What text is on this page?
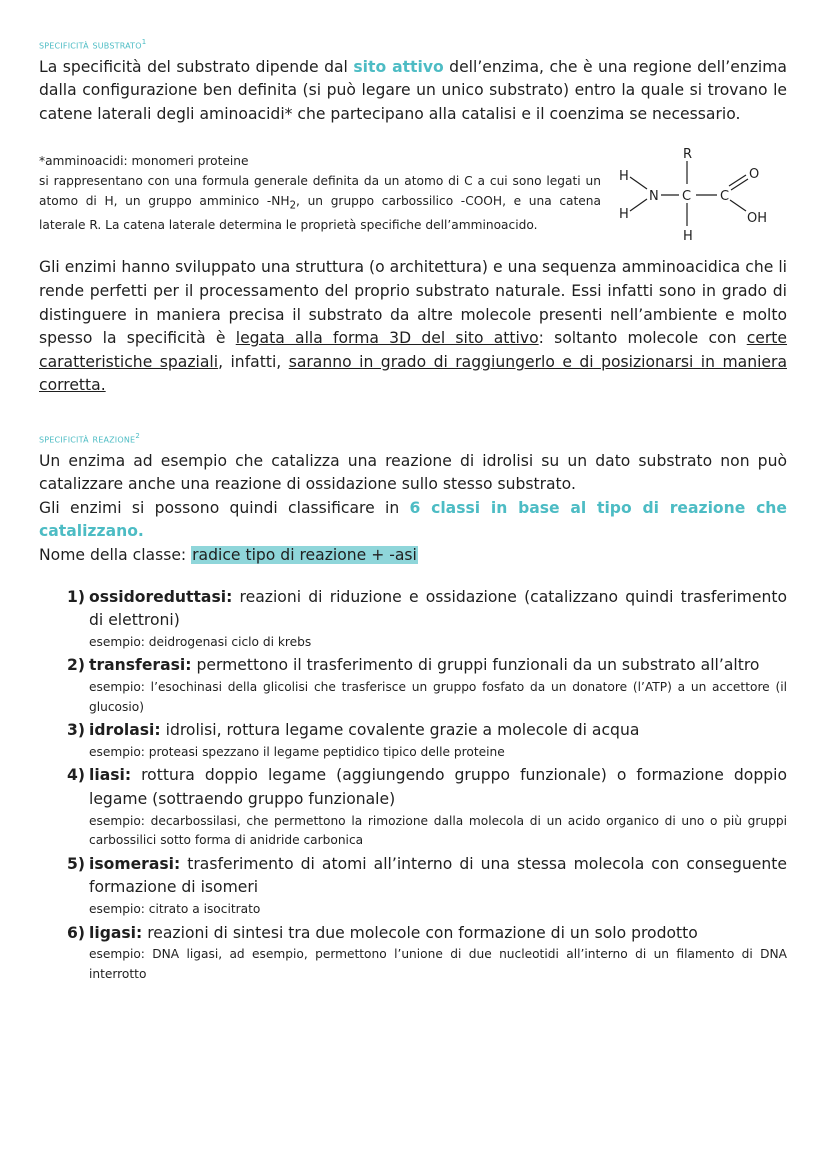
specificità substrato$^1$

La specificità del substrato dipende dal sito attivo dell’enzima, che è una regione dell’enzima dalla configurazione ben definita (si può legare un unico substrato) entro la quale si trovano le catene laterali degli aminoacidi* che partecipano alla catalisi e il coenzima se necessario.

*amminoacidi: monomeri proteine
si rappresentano con una formula generale definita da un atomo di C a cui sono legati un atomo di H, un gruppo amminico $-NH_2$, un gruppo carbossilico -COOH, e una catena laterale R. La catena laterale determina le proprietà specifiche dell’amminoacido.

H
H
N C
R
H
C
O
OH

Gli enzimi hanno sviluppato una struttura (o architettura) e una sequenza amminoacidica che li rende perfetti per il processamento del proprio substrato naturale. Essi infatti sono in grado di distinguere in maniera precisa il substrato da altre molecole presenti nell’ambiente e molto spesso la specificità è legata alla forma 3D del sito attivo: soltanto molecole con certe caratteristiche spaziali, infatti, saranno in grado di raggiungerlo e di posizionarsi in maniera corretta.

specificità reazione$^2$

Un enzima ad esempio che catalizza una reazione di idrolisi su un dato substrato non può catalizzare anche una reazione di ossidazione sullo stesso substrato.

Gli enzimi si possono quindi classificare in 6 classi in base al tipo di reazione che catalizzano.

Nome della classe: radice tipo di reazione + -asi

1) ossidoreduttasi: reazioni di riduzione e ossidazione (catalizzano quindi trasferimento di elettroni)

esempio: deidrogenasi ciclo di krebs

2) transferasi: permettono il trasferimento di gruppi funzionali da un substrato all’altro

esempio: l’esochinasi della glicolisi che trasferisce un gruppo fosfato da un donatore (l’ATP) a un accettore (il glucosio)

3) idrolasi: idrolisi, rottura legame covalente grazie a molecole di acqua

esempio: proteasi spezzano il legame peptidico tipico delle proteine

4) liasi: rottura doppio legame (aggiungendo gruppo funzionale) o formazione doppio legame (sottraendo gruppo funzionale)

esempio: decarbossilasi, che permettono la rimozione dalla molecola di un acido organico di uno o più gruppi carbossilici sotto forma di anidride carbonica

5) isomerasi: trasferimento di atomi all’interno di una stessa molecola con conseguente formazione di isomeri

esempio: citrato a isocitrato

6) ligasi: reazioni di sintesi tra due molecole con formazione di un solo prodotto

esempio: DNA ligasi, ad esempio, permettono l’unione di due nucleotidi all’interno di un filamento di DNA interrotto
